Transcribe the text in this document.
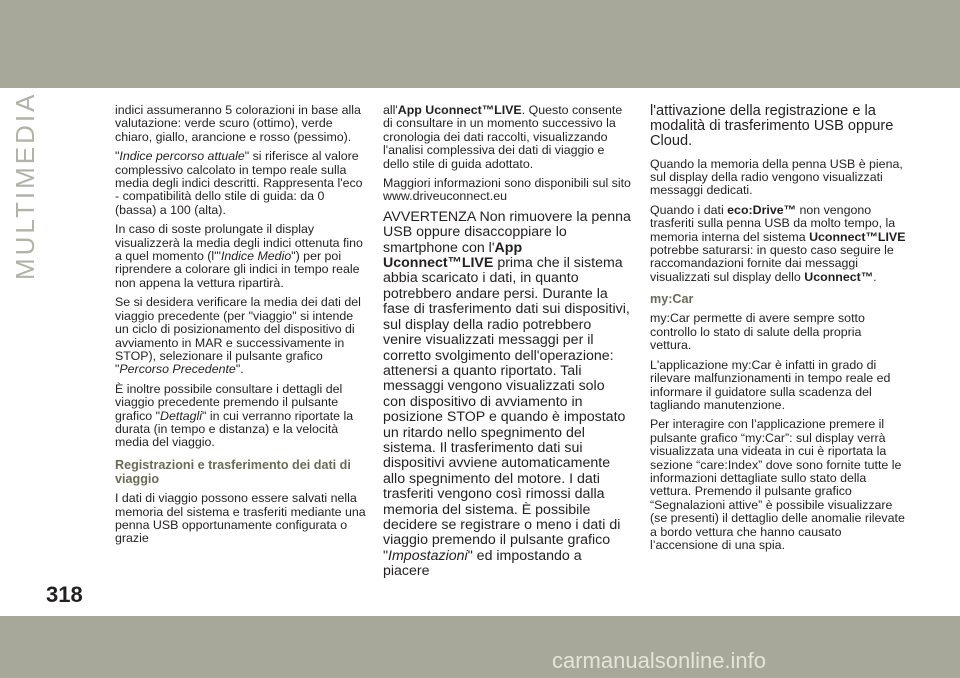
MULTIMEDIA
318

indici assumeranno 5 colorazioni in base alla valutazione: verde scuro (ottimo), verde chiaro, giallo, arancione e rosso (pessimo).

"Indice percorso attuale" si riferisce al valore complessivo calcolato in tempo reale sulla media degli indici descritti. Rappresenta l'eco - compatibilità dello stile di guida: da 0 (bassa) a 100 (alta).

In caso di soste prolungate il display visualizzerà la media degli indici ottenuta fino a quel momento (l'"Indice Medio") per poi riprendere a colorare gli indici in tempo reale non appena la vettura ripartirà.

Se si desidera verificare la media dei dati del viaggio precedente (per "viaggio" si intende un ciclo di posizionamento del dispositivo di avviamento in MAR e successivamente in STOP), selezionare il pulsante grafico "Percorso Precedente".

È inoltre possibile consultare i dettagli del viaggio precedente premendo il pulsante grafico "Dettagli" in cui verranno riportate la durata (in tempo e distanza) e la velocità media del viaggio.

Registrazioni e trasferimento dei dati di viaggio

I dati di viaggio possono essere salvati nella memoria del sistema e trasferiti mediante una penna USB opportunamente configurata o grazie

all'App Uconnect™LIVE. Questo consente di consultare in un momento successivo la cronologia dei dati raccolti, visualizzando l'analisi complessiva dei dati di viaggio e dello stile di guida adottato.

Maggiori informazioni sono disponibili sul sito www.driveuconnect.eu

AVVERTENZA Non rimuovere la penna USB oppure disaccoppiare lo smartphone con l'App Uconnect™LIVE prima che il sistema abbia scaricato i dati, in quanto potrebbero andare persi. Durante la fase di trasferimento dati sui dispositivi, sul display della radio potrebbero venire visualizzati messaggi per il corretto svolgimento dell'operazione: attenersi a quanto riportato. Tali messaggi vengono visualizzati solo con dispositivo di avviamento in posizione STOP e quando è impostato un ritardo nello spegnimento del sistema. Il trasferimento dati sui dispositivi avviene automaticamente allo spegnimento del motore. I dati trasferiti vengono così rimossi dalla memoria del sistema. È possibile decidere se registrare o meno i dati di viaggio premendo il pulsante grafico "Impostazioni" ed impostando a piacere

l'attivazione della registrazione e la modalità di trasferimento USB oppure Cloud.

Quando la memoria della penna USB è piena, sul display della radio vengono visualizzati messaggi dedicati.

Quando i dati eco:Drive™ non vengono trasferiti sulla penna USB da molto tempo, la memoria interna del sistema Uconnect™LIVE potrebbe saturarsi: in questo caso seguire le raccomandazioni fornite dai messaggi visualizzati sul display dello Uconnect™.

my:Car

my:Car permette di avere sempre sotto controllo lo stato di salute della propria vettura.

L'applicazione my:Car è infatti in grado di rilevare malfunzionamenti in tempo reale ed informare il guidatore sulla scadenza del tagliando manutenzione.

Per interagire con l’applicazione premere il pulsante grafico “my:Car”: sul display verrà visualizzata una videata in cui è riportata la sezione “care:Index” dove sono fornite tutte le informazioni dettagliate sullo stato della vettura. Premendo il pulsante grafico “Segnalazioni attive” è possibile visualizzare (se presenti) il dettaglio delle anomalie rilevate a bordo vettura che hanno causato l’accensione di una spia.

carmanualsonline.info
